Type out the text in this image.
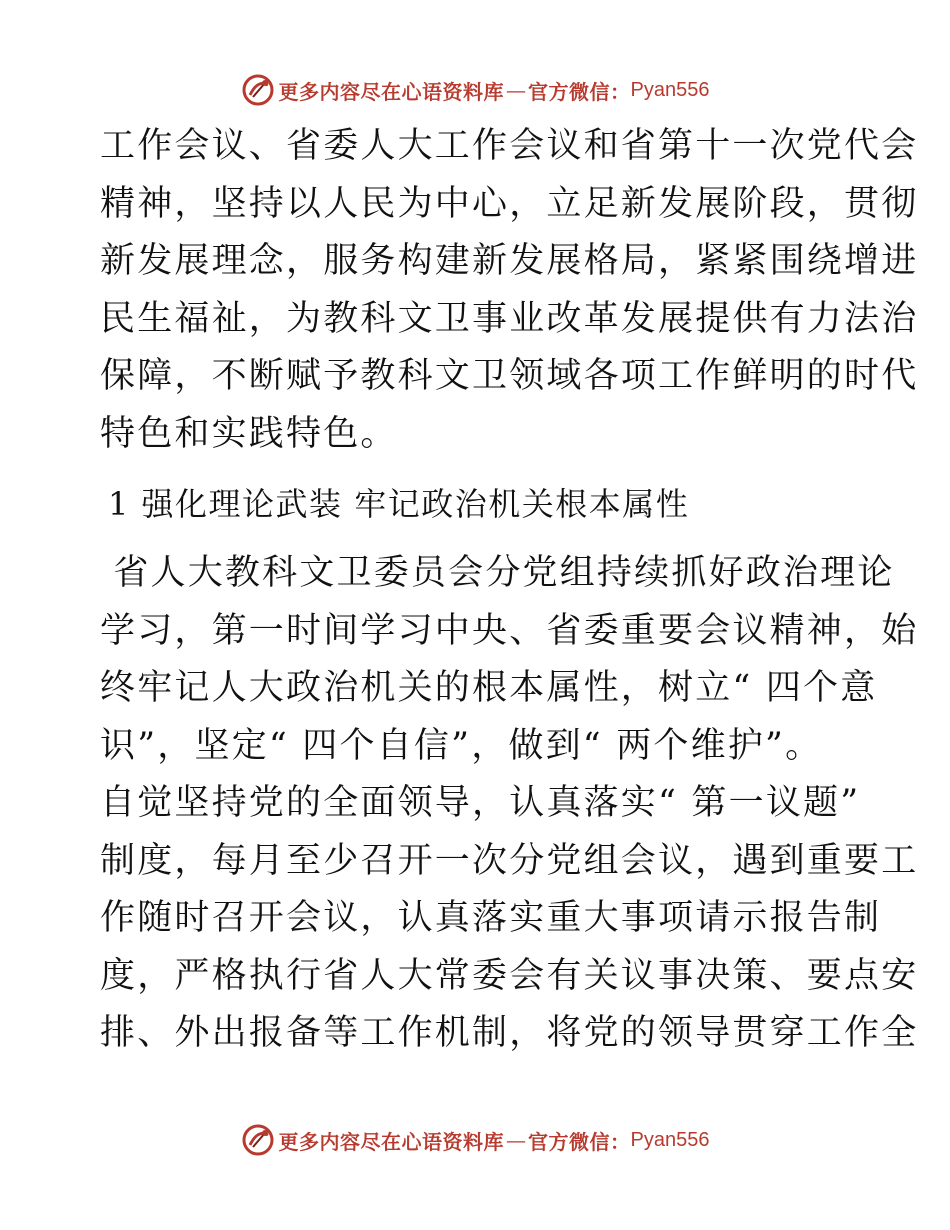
更多内容尽在心语资料库 — 官方微信： Pyan556
工作会议、省委人大工作会议和省第十一次党代会
精神，坚持以人民为中心，立足新发展阶段，贯彻
新发展理念，服务构建新发展格局，紧紧围绕增进
民生福祉，为教科文卫事业改革发展提供有力法治
保障，不断赋予教科文卫领域各项工作鲜明的时代
特色和实践特色。
1 强化理论武装 牢记政治机关根本属性
省人大教科文卫委员会分党组持续抓好政治理论
学习，第一时间学习中央、省委重要会议精神，始
终牢记人大政治机关的根本属性，树立“ 四个意
识”，坚定“ 四个自信”，做到“ 两个维护”。
自觉坚持党的全面领导，认真落实“ 第一议题”
制度，每月至少召开一次分党组会议，遇到重要工
作随时召开会议，认真落实重大事项请示报告制
度，严格执行省人大常委会有关议事决策、要点安
排、外出报备等工作机制，将党的领导贯穿工作全
更多内容尽在心语资料库 — 官方微信： Pyan556
